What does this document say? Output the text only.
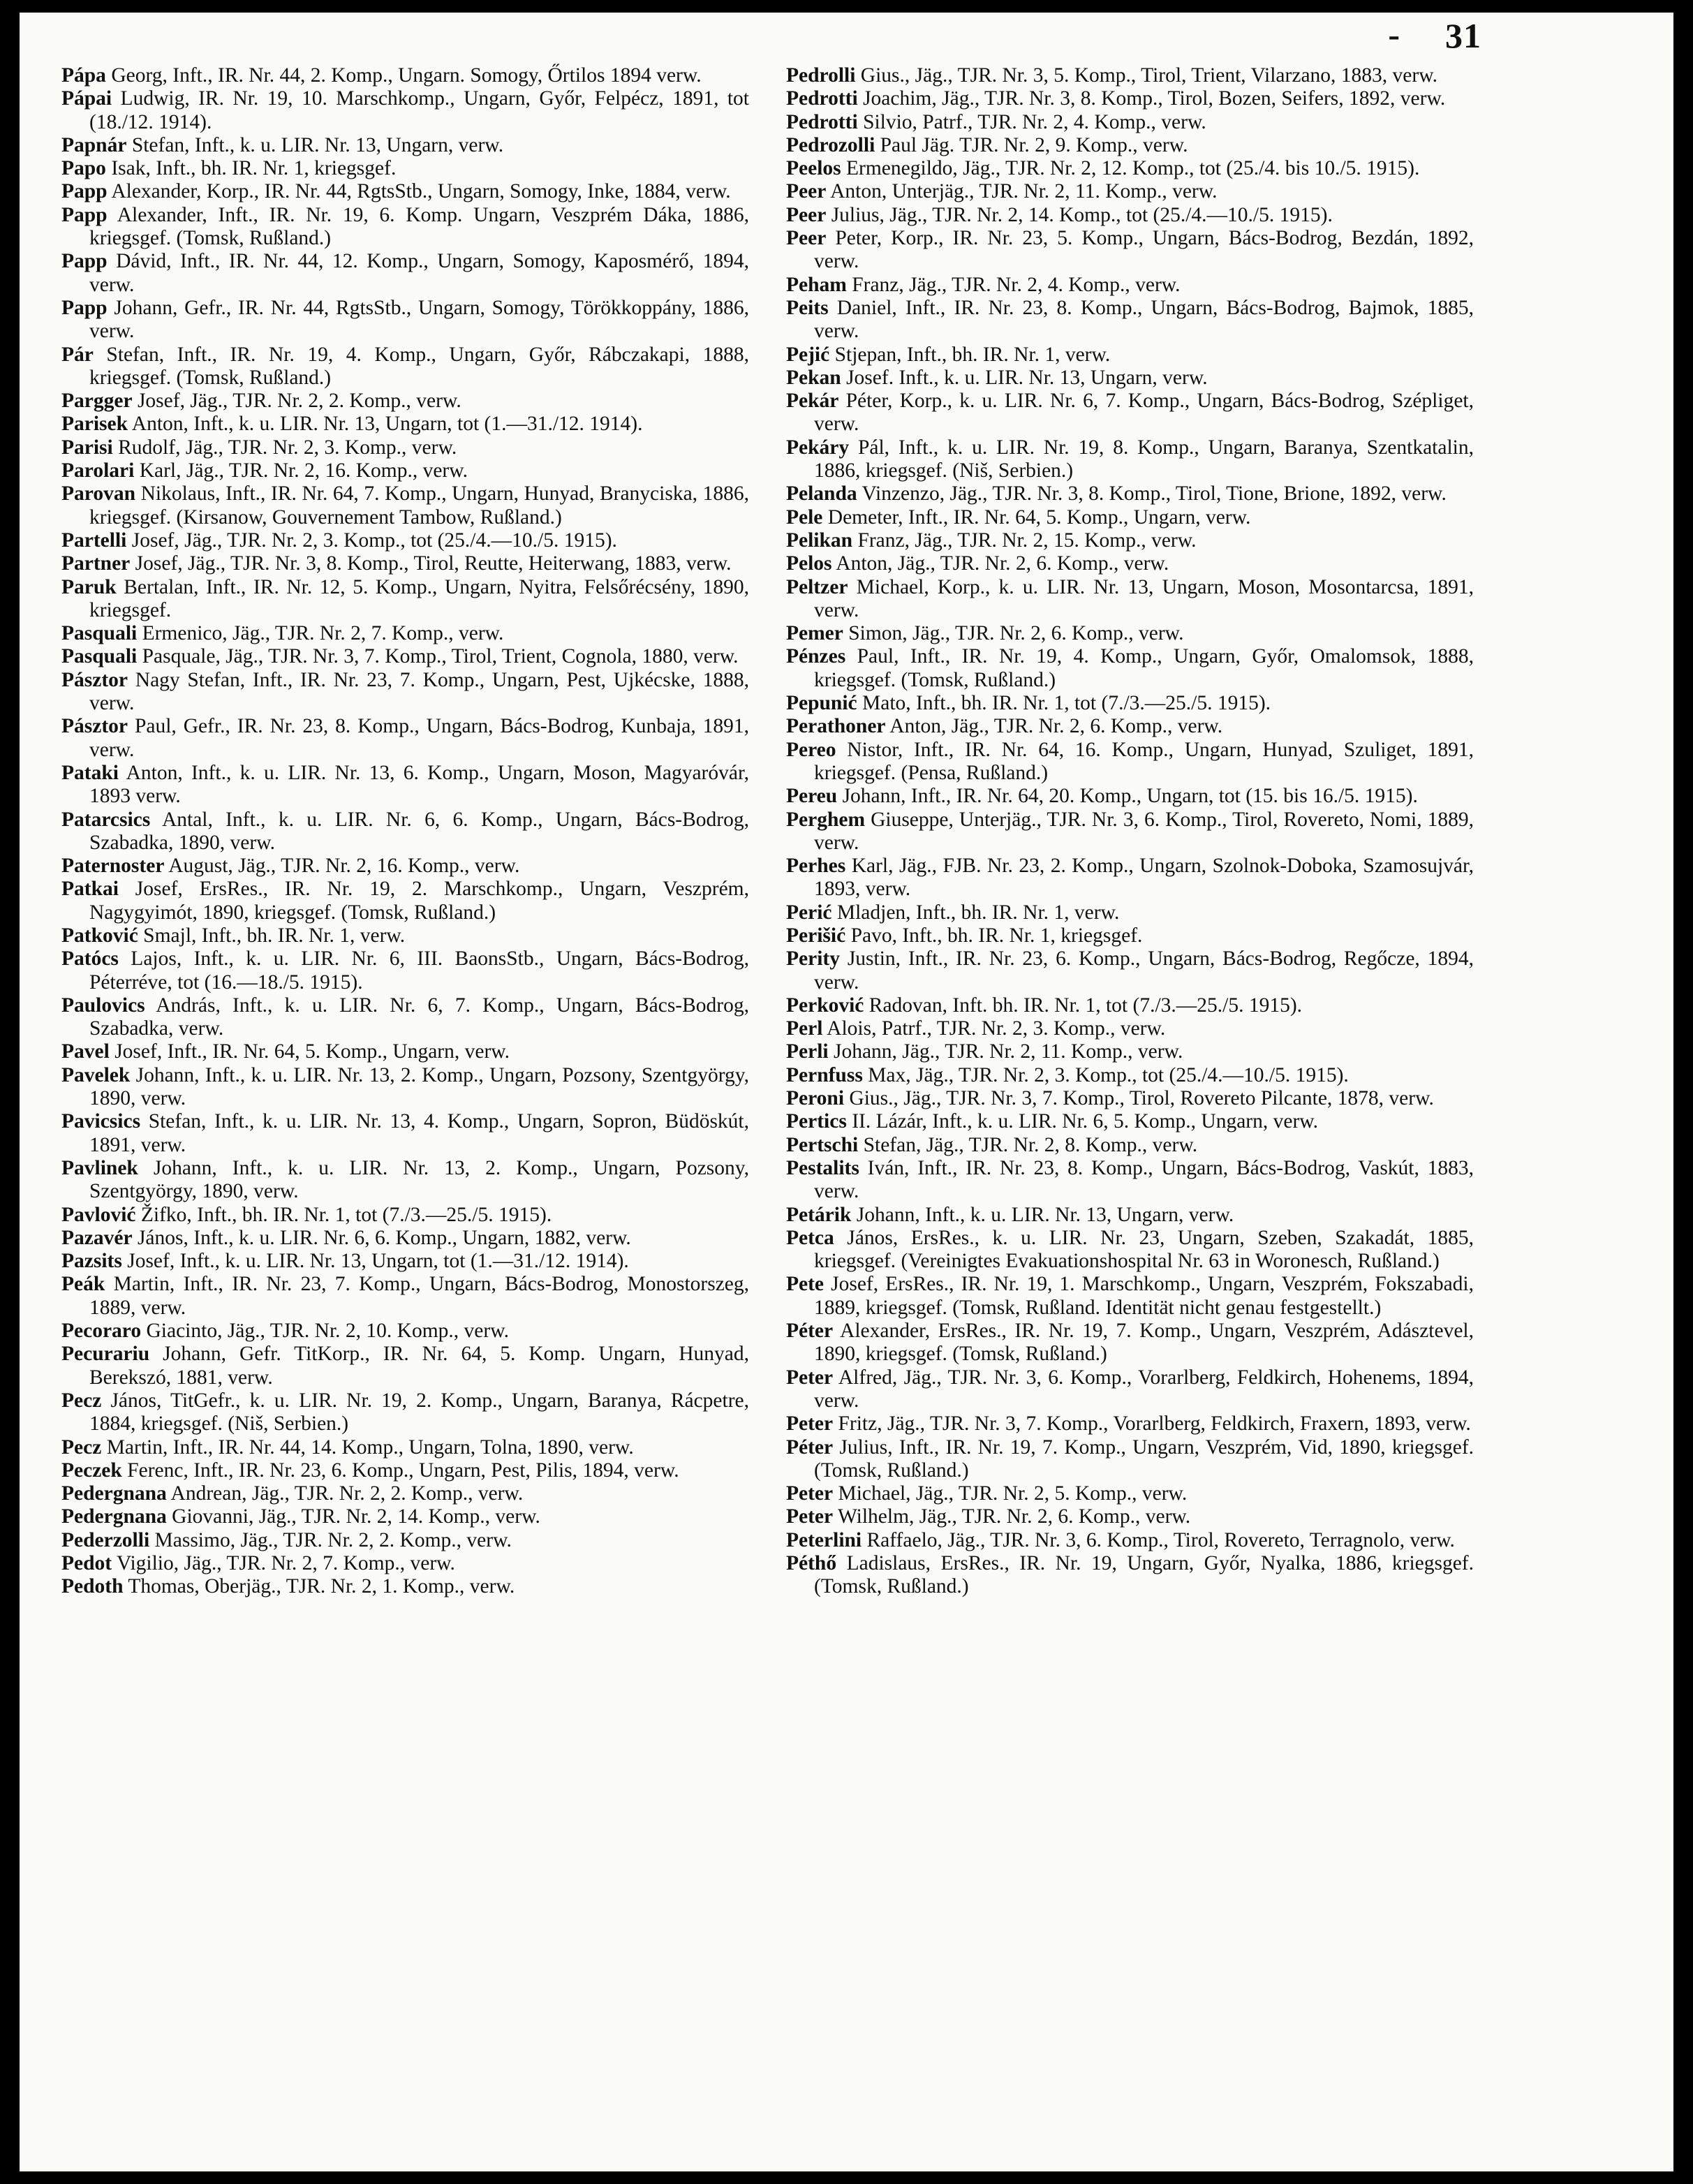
- 31
Pápa Georg, Inft., IR. Nr. 44, 2. Komp., Ungarn. Somogy, Őrtilos 1894 verw.
Pápai Ludwig, IR. Nr. 19, 10. Marschkomp., Ungarn, Győr, Felpécz, 1891, tot (18./12. 1914).
Papnár Stefan, Inft., k. u. LIR. Nr. 13, Ungarn, verw.
Papo Isak, Inft., bh. IR. Nr. 1, kriegsgef.
Papp Alexander, Korp., IR. Nr. 44, RgtsStb., Ungarn, Somogy, Inke, 1884, verw.
Papp Alexander, Inft., IR. Nr. 19, 6. Komp. Ungarn, Veszprém Dáka, 1886, kriegsgef. (Tomsk, Rußland.)
Papp Dávid, Inft., IR. Nr. 44, 12. Komp., Ungarn, Somogy, Kaposmérő, 1894, verw.
Papp Johann, Gefr., IR. Nr. 44, RgtsStb., Ungarn, Somogy, Törökkoppány, 1886, verw.
Pár Stefan, Inft., IR. Nr. 19, 4. Komp., Ungarn, Győr, Rábczakapi, 1888, kriegsgef. (Tomsk, Rußland.)
Pargger Josef, Jäg., TJR. Nr. 2, 2. Komp., verw.
Parisek Anton, Inft., k. u. LIR. Nr. 13, Ungarn, tot (1.—31./12. 1914).
Parisi Rudolf, Jäg., TJR. Nr. 2, 3. Komp., verw.
Parolari Karl, Jäg., TJR. Nr. 2, 16. Komp., verw.
Parovan Nikolaus, Inft., IR. Nr. 64, 7. Komp., Ungarn, Hunyad, Branyciska, 1886, kriegsgef. (Kirsanow, Gouvernement Tambow, Rußland.)
Partelli Josef, Jäg., TJR. Nr. 2, 3. Komp., tot (25./4.—10./5. 1915).
Partner Josef, Jäg., TJR. Nr. 3, 8. Komp., Tirol, Reutte, Heiterwang, 1883, verw.
Paruk Bertalan, Inft., IR. Nr. 12, 5. Komp., Ungarn, Nyitra, Felsőrécsény, 1890, kriegsgef.
Pasquali Ermenico, Jäg., TJR. Nr. 2, 7. Komp., verw.
Pasquali Pasquale, Jäg., TJR. Nr. 3, 7. Komp., Tirol, Trient, Cognola, 1880, verw.
Pásztor Nagy Stefan, Inft., IR. Nr. 23, 7. Komp., Ungarn, Pest, Ujkécske, 1888, verw.
Pásztor Paul, Gefr., IR. Nr. 23, 8. Komp., Ungarn, Bács-Bodrog, Kunbaja, 1891, verw.
Pataki Anton, Inft., k. u. LIR. Nr. 13, 6. Komp., Ungarn, Moson, Magyaróvár, 1893 verw.
Patarcsics Antal, Inft., k. u. LIR. Nr. 6, 6. Komp., Ungarn, Bács-Bodrog, Szabadka, 1890, verw.
Paternoster August, Jäg., TJR. Nr. 2, 16. Komp., verw.
Patkai Josef, ErsRes., IR. Nr. 19, 2. Marschkomp., Ungarn, Veszprém, Nagygyimót, 1890, kriegsgef. (Tomsk, Rußland.)
Patković Smajl, Inft., bh. IR. Nr. 1, verw.
Patócs Lajos, Inft., k. u. LIR. Nr. 6, III. BaonsStb., Ungarn, Bács-Bodrog, Péterréve, tot (16.—18./5. 1915).
Paulovics András, Inft., k. u. LIR. Nr. 6, 7. Komp., Ungarn, Bács-Bodrog, Szabadka, verw.
Pavel Josef, Inft., IR. Nr. 64, 5. Komp., Ungarn, verw.
Pavelek Johann, Inft., k. u. LIR. Nr. 13, 2. Komp., Ungarn, Pozsony, Szentgyörgy, 1890, verw.
Pavicsics Stefan, Inft., k. u. LIR. Nr. 13, 4. Komp., Ungarn, Sopron, Büdöskút, 1891, verw.
Pavlinek Johann, Inft., k. u. LIR. Nr. 13, 2. Komp., Ungarn, Pozsony, Szentgyörgy, 1890, verw.
Pavlović Žifko, Inft., bh. IR. Nr. 1, tot (7./3.—25./5. 1915).
Pazavér János, Inft., k. u. LIR. Nr. 6, 6. Komp., Ungarn, 1882, verw.
Pazsits Josef, Inft., k. u. LIR. Nr. 13, Ungarn, tot (1.—31./12. 1914).
Peák Martin, Inft., IR. Nr. 23, 7. Komp., Ungarn, Bács-Bodrog, Monostorszeg, 1889, verw.
Pecoraro Giacinto, Jäg., TJR. Nr. 2, 10. Komp., verw.
Pecurariu Johann, Gefr. TitKorp., IR. Nr. 64, 5. Komp. Ungarn, Hunyad, Berekszó, 1881, verw.
Pecz János, TitGefr., k. u. LIR. Nr. 19, 2. Komp., Ungarn, Baranya, Rácpetre, 1884, kriegsgef. (Niš, Serbien.)
Pecz Martin, Inft., IR. Nr. 44, 14. Komp., Ungarn, Tolna, 1890, verw.
Peczek Ferenc, Inft., IR. Nr. 23, 6. Komp., Ungarn, Pest, Pilis, 1894, verw.
Pedergnana Andrean, Jäg., TJR. Nr. 2, 2. Komp., verw.
Pedergnana Giovanni, Jäg., TJR. Nr. 2, 14. Komp., verw.
Pederzolli Massimo, Jäg., TJR. Nr. 2, 2. Komp., verw.
Pedot Vigilio, Jäg., TJR. Nr. 2, 7. Komp., verw.
Pedoth Thomas, Oberjäg., TJR. Nr. 2, 1. Komp., verw.
Pedrolli Gius., Jäg., TJR. Nr. 3, 5. Komp., Tirol, Trient, Vilarzano, 1883, verw.
Pedrotti Joachim, Jäg., TJR. Nr. 3, 8. Komp., Tirol, Bozen, Seifers, 1892, verw.
Pedrotti Silvio, Patrf., TJR. Nr. 2, 4. Komp., verw.
Pedrozolli Paul Jäg. TJR. Nr. 2, 9. Komp., verw.
Peelos Ermenegildo, Jäg., TJR. Nr. 2, 12. Komp., tot (25./4. bis 10./5. 1915).
Peer Anton, Unterjäg., TJR. Nr. 2, 11. Komp., verw.
Peer Julius, Jäg., TJR. Nr. 2, 14. Komp., tot (25./4.—10./5. 1915).
Peer Peter, Korp., IR. Nr. 23, 5. Komp., Ungarn, Bács-Bodrog, Bezdán, 1892, verw.
Peham Franz, Jäg., TJR. Nr. 2, 4. Komp., verw.
Peits Daniel, Inft., IR. Nr. 23, 8. Komp., Ungarn, Bács-Bodrog, Bajmok, 1885, verw.
Pejić Stjepan, Inft., bh. IR. Nr. 1, verw.
Pekan Josef. Inft., k. u. LIR. Nr. 13, Ungarn, verw.
Pekár Péter, Korp., k. u. LIR. Nr. 6, 7. Komp., Ungarn, Bács-Bodrog, Szépliget, verw.
Pekáry Pál, Inft., k. u. LIR. Nr. 19, 8. Komp., Ungarn, Baranya, Szentkatalin, 1886, kriegsgef. (Niš, Serbien.)
Pelanda Vinzenzo, Jäg., TJR. Nr. 3, 8. Komp., Tirol, Tione, Brione, 1892, verw.
Pele Demeter, Inft., IR. Nr. 64, 5. Komp., Ungarn, verw.
Pelikan Franz, Jäg., TJR. Nr. 2, 15. Komp., verw.
Pelos Anton, Jäg., TJR. Nr. 2, 6. Komp., verw.
Peltzer Michael, Korp., k. u. LIR. Nr. 13, Ungarn, Moson, Mosontarcsa, 1891, verw.
Pemer Simon, Jäg., TJR. Nr. 2, 6. Komp., verw.
Pénzes Paul, Inft., IR. Nr. 19, 4. Komp., Ungarn, Győr, Omalomsok, 1888, kriegsgef. (Tomsk, Rußland.)
Pepunić Mato, Inft., bh. IR. Nr. 1, tot (7./3.—25./5. 1915).
Perathoner Anton, Jäg., TJR. Nr. 2, 6. Komp., verw.
Pereo Nistor, Inft., IR. Nr. 64, 16. Komp., Ungarn, Hunyad, Szuliget, 1891, kriegsgef. (Pensa, Rußland.)
Pereu Johann, Inft., IR. Nr. 64, 20. Komp., Ungarn, tot (15. bis 16./5. 1915).
Perghem Giuseppe, Unterjäg., TJR. Nr. 3, 6. Komp., Tirol, Rovereto, Nomi, 1889, verw.
Perhes Karl, Jäg., FJB. Nr. 23, 2. Komp., Ungarn, Szolnok-Doboka, Szamosujvár, 1893, verw.
Perić Mladjen, Inft., bh. IR. Nr. 1, verw.
Perišić Pavo, Inft., bh. IR. Nr. 1, kriegsgef.
Perity Justin, Inft., IR. Nr. 23, 6. Komp., Ungarn, Bács-Bodrog, Regőcze, 1894, verw.
Perković Radovan, Inft. bh. IR. Nr. 1, tot (7./3.—25./5. 1915).
Perl Alois, Patrf., TJR. Nr. 2, 3. Komp., verw.
Perli Johann, Jäg., TJR. Nr. 2, 11. Komp., verw.
Pernfuss Max, Jäg., TJR. Nr. 2, 3. Komp., tot (25./4.—10./5. 1915).
Peroni Gius., Jäg., TJR. Nr. 3, 7. Komp., Tirol, Rovereto Pilcante, 1878, verw.
Pertics II. Lázár, Inft., k. u. LIR. Nr. 6, 5. Komp., Ungarn, verw.
Pertschi Stefan, Jäg., TJR. Nr. 2, 8. Komp., verw.
Pestalits Iván, Inft., IR. Nr. 23, 8. Komp., Ungarn, Bács-Bodrog, Vaskút, 1883, verw.
Petárik Johann, Inft., k. u. LIR. Nr. 13, Ungarn, verw.
Petca János, ErsRes., k. u. LIR. Nr. 23, Ungarn, Szeben, Szakadát, 1885, kriegsgef. (Vereinigtes Evakuationshospital Nr. 63 in Woronesch, Rußland.)
Pete Josef, ErsRes., IR. Nr. 19, 1. Marschkomp., Ungarn, Veszprém, Fokszabadi, 1889, kriegsgef. (Tomsk, Rußland. Identität nicht genau festgestellt.)
Péter Alexander, ErsRes., IR. Nr. 19, 7. Komp., Ungarn, Veszprém, Adásztevel, 1890, kriegsgef. (Tomsk, Rußland.)
Peter Alfred, Jäg., TJR. Nr. 3, 6. Komp., Vorarlberg, Feldkirch, Hohenems, 1894, verw.
Peter Fritz, Jäg., TJR. Nr. 3, 7. Komp., Vorarlberg, Feldkirch, Fraxern, 1893, verw.
Péter Julius, Inft., IR. Nr. 19, 7. Komp., Ungarn, Veszprém, Vid, 1890, kriegsgef. (Tomsk, Rußland.)
Peter Michael, Jäg., TJR. Nr. 2, 5. Komp., verw.
Peter Wilhelm, Jäg., TJR. Nr. 2, 6. Komp., verw.
Peterlini Raffaelo, Jäg., TJR. Nr. 3, 6. Komp., Tirol, Rovereto, Terragnolo, verw.
Péthő Ladislaus, ErsRes., IR. Nr. 19, Ungarn, Győr, Nyalka, 1886, kriegsgef. (Tomsk, Rußland.)
